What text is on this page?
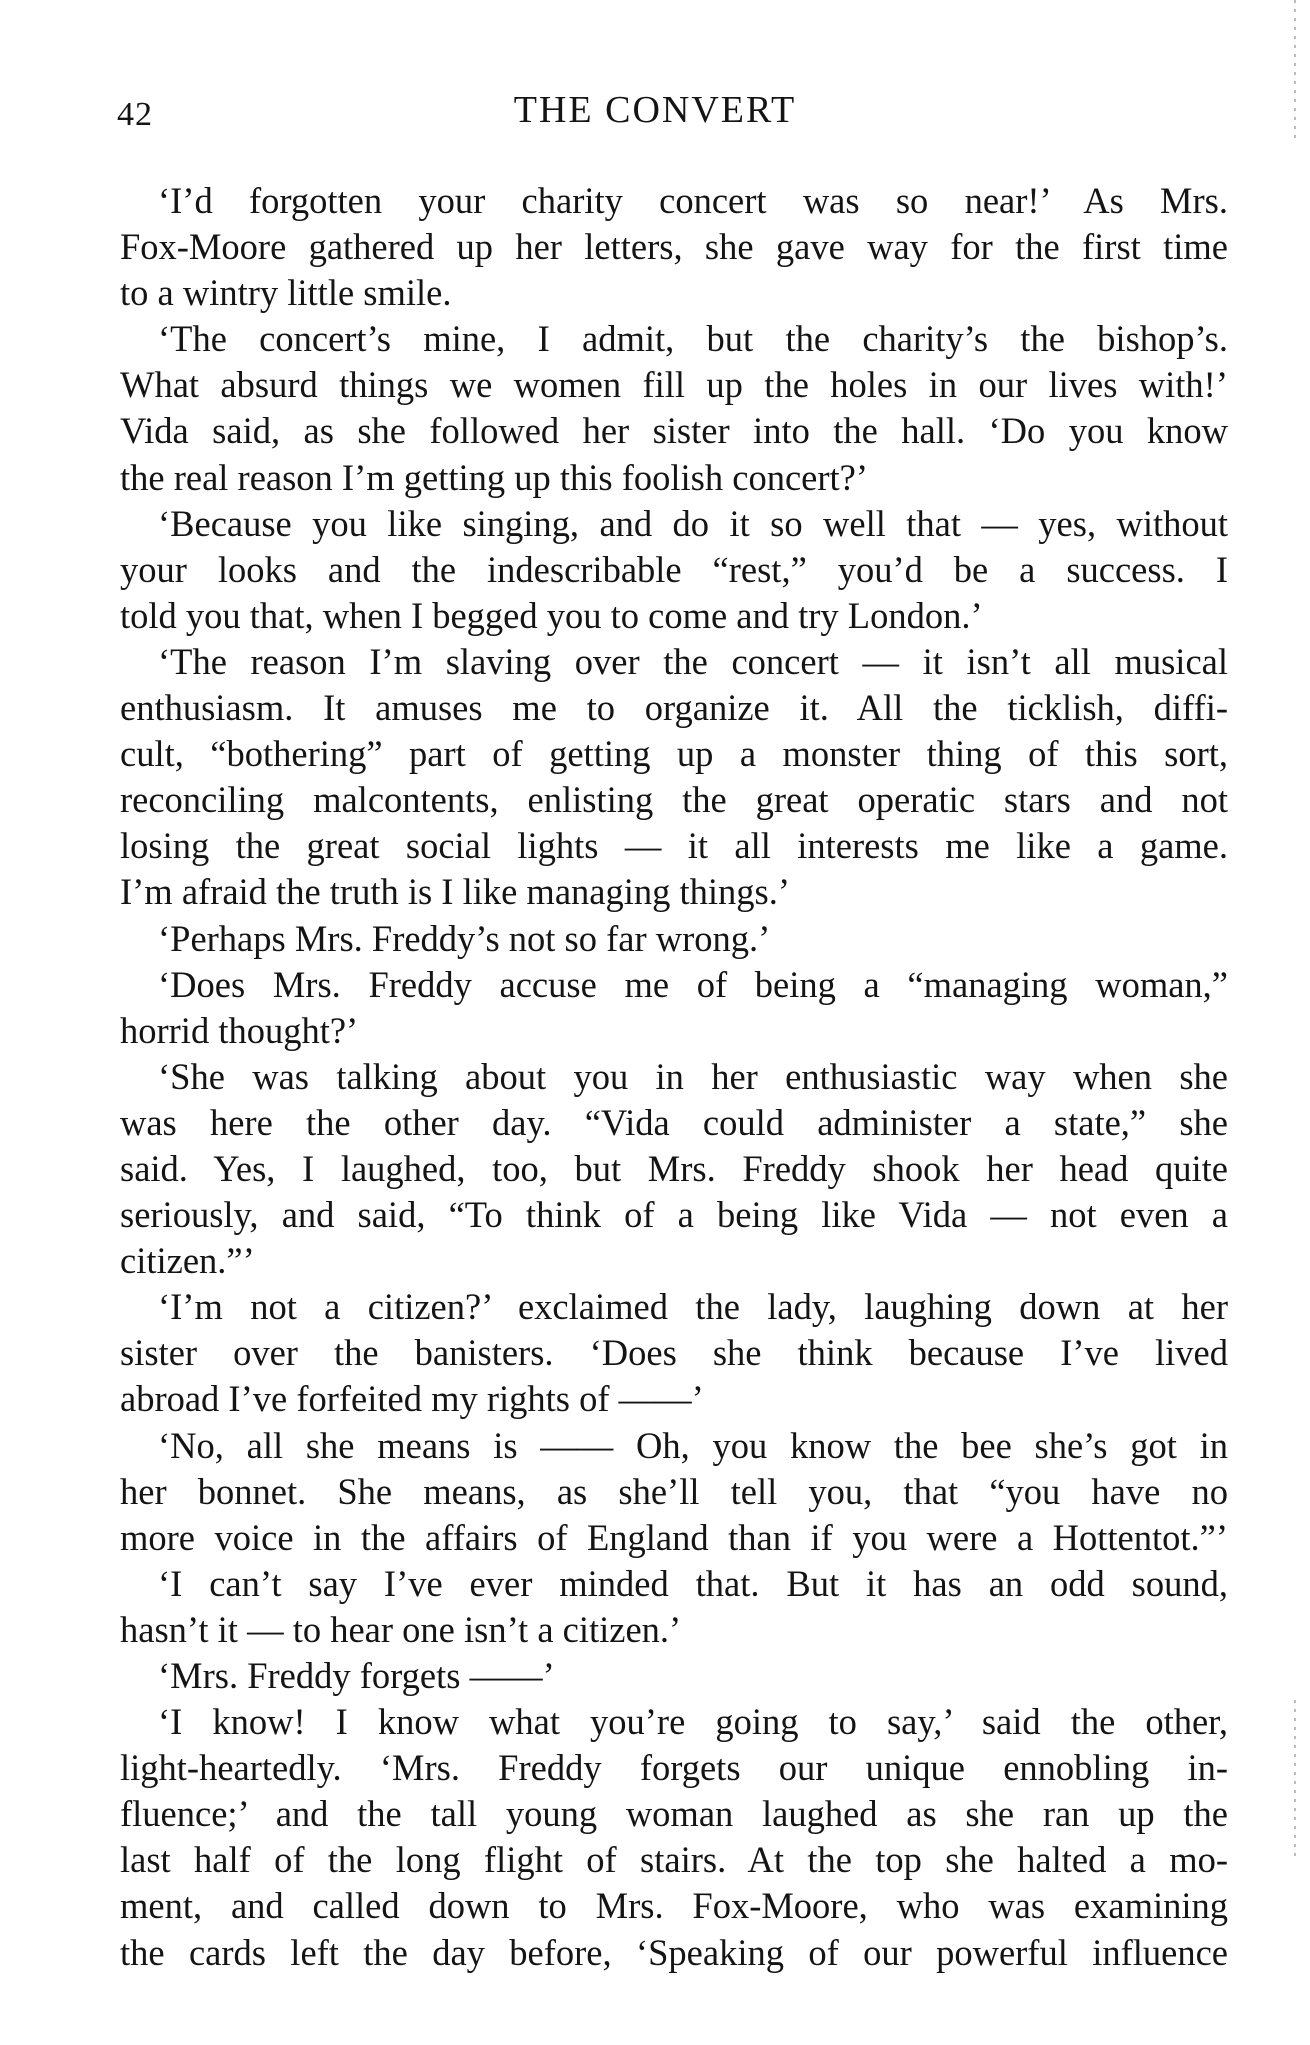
42	THE CONVERT
‘I’d forgotten your charity concert was so near!’ As Mrs.
Fox-Moore gathered up her letters, she gave way for the first time
to a wintry little smile.
‘The concert’s mine, I admit, but the charity’s the bishop’s.
What absurd things we women fill up the holes in our lives with!’
Vida said, as she followed her sister into the hall. ‘Do you know
the real reason I’m getting up this foolish concert?’
‘Because you like singing, and do it so well that — yes, without
your looks and the indescribable “rest,” you’d be a success. I
told you that, when I begged you to come and try London.’
‘The reason I’m slaving over the concert — it isn’t all musical
enthusiasm. It amuses me to organize it. All the ticklish, diffi-
cult, “bothering” part of getting up a monster thing of this sort,
reconciling malcontents, enlisting the great operatic stars and not
losing the great social lights — it all interests me like a game.
I’m afraid the truth is I like managing things.’
‘Perhaps Mrs. Freddy’s not so far wrong.’
‘Does Mrs. Freddy accuse me of being a “managing woman,”
horrid thought?’
‘She was talking about you in her enthusiastic way when she
was here the other day. “Vida could administer a state,” she
said. Yes, I laughed, too, but Mrs. Freddy shook her head quite
seriously, and said, “To think of a being like Vida — not even a
citizen.”’
‘I’m not a citizen?’ exclaimed the lady, laughing down at her
sister over the banisters. ‘Does she think because I’ve lived
abroad I’ve forfeited my rights of ——’
‘No, all she means is —— Oh, you know the bee she’s got in
her bonnet. She means, as she’ll tell you, that “you have no
more voice in the affairs of England than if you were a Hottentot.”’
‘I can’t say I’ve ever minded that. But it has an odd sound,
hasn’t it — to hear one isn’t a citizen.’
‘Mrs. Freddy forgets ——’
‘I know! I know what you’re going to say,’ said the other,
light-heartedly. ‘Mrs. Freddy forgets our unique ennobling in-
fluence;’ and the tall young woman laughed as she ran up the
last half of the long flight of stairs. At the top she halted a mo-
ment, and called down to Mrs. Fox-Moore, who was examining
the cards left the day before, ‘Speaking of our powerful influence
